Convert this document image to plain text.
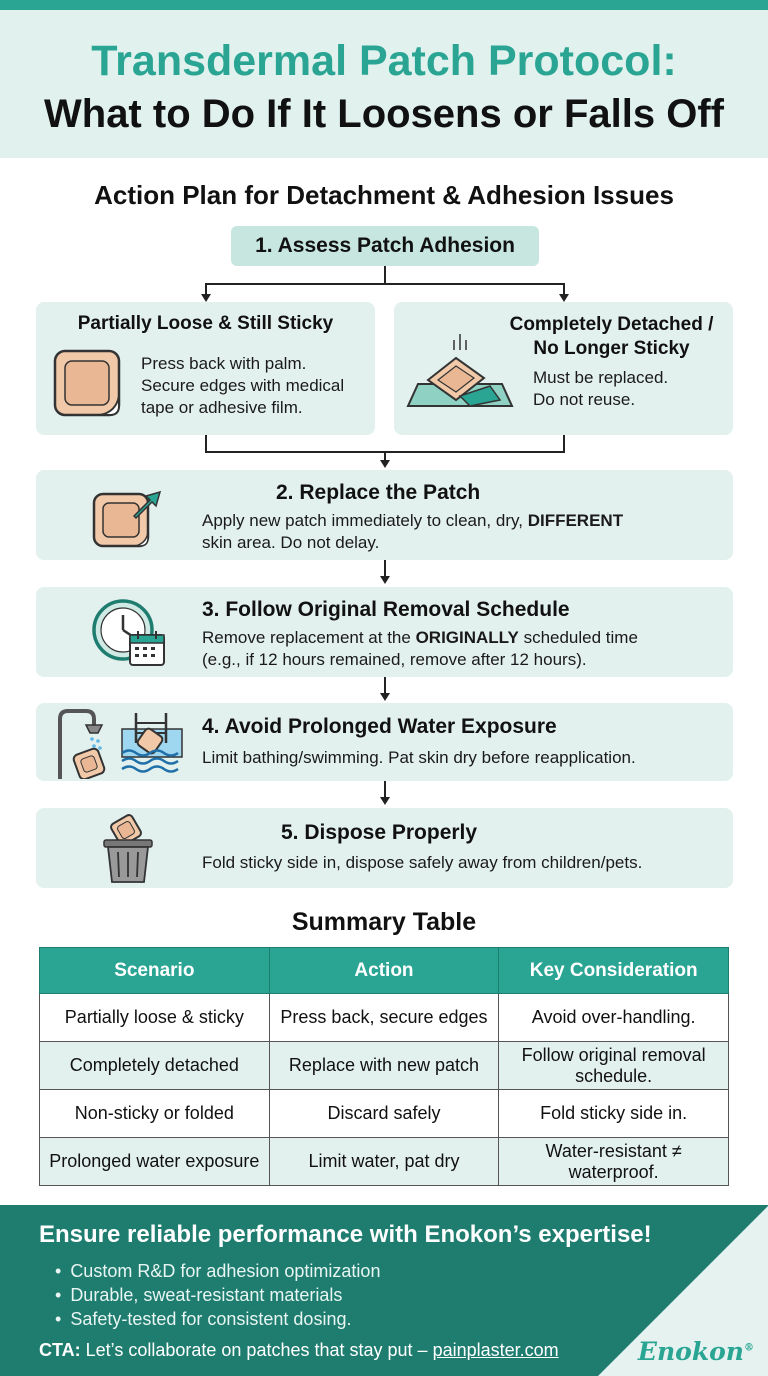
Transdermal Patch Protocol:
What to Do If It Loosens or Falls Off
Action Plan for Detachment & Adhesion Issues
1. Assess Patch Adhesion
Partially Loose & Still Sticky
Press back with palm.
Secure edges with medical
tape or adhesive film.
Completely Detached /
No Longer Sticky
Must be replaced.
Do not reuse.
2. Replace the Patch
Apply new patch immediately to clean, dry, DIFFERENT
skin area. Do not delay.
3. Follow Original Removal Schedule
Remove replacement at the ORIGINALLY scheduled time
(e.g., if 12 hours remained, remove after 12 hours).
4. Avoid Prolonged Water Exposure
Limit bathing/swimming. Pat skin dry before reapplication.
5. Dispose Properly
Fold sticky side in, dispose safely away from children/pets.
Summary Table
Scenario	Action	Key Consideration
Partially loose & sticky	Press back, secure edges	Avoid over-handling.
Completely detached	Replace with new patch	Follow original removal schedule.
Non-sticky or folded	Discard safely	Fold sticky side in.
Prolonged water exposure	Limit water, pat dry	Water-resistant ≠ waterproof.
Ensure reliable performance with Enokon’s expertise!
• Custom R&D for adhesion optimization
• Durable, sweat-resistant materials
• Safety-tested for consistent dosing.
CTA: Let’s collaborate on patches that stay put – painplaster.com	Enokon®
